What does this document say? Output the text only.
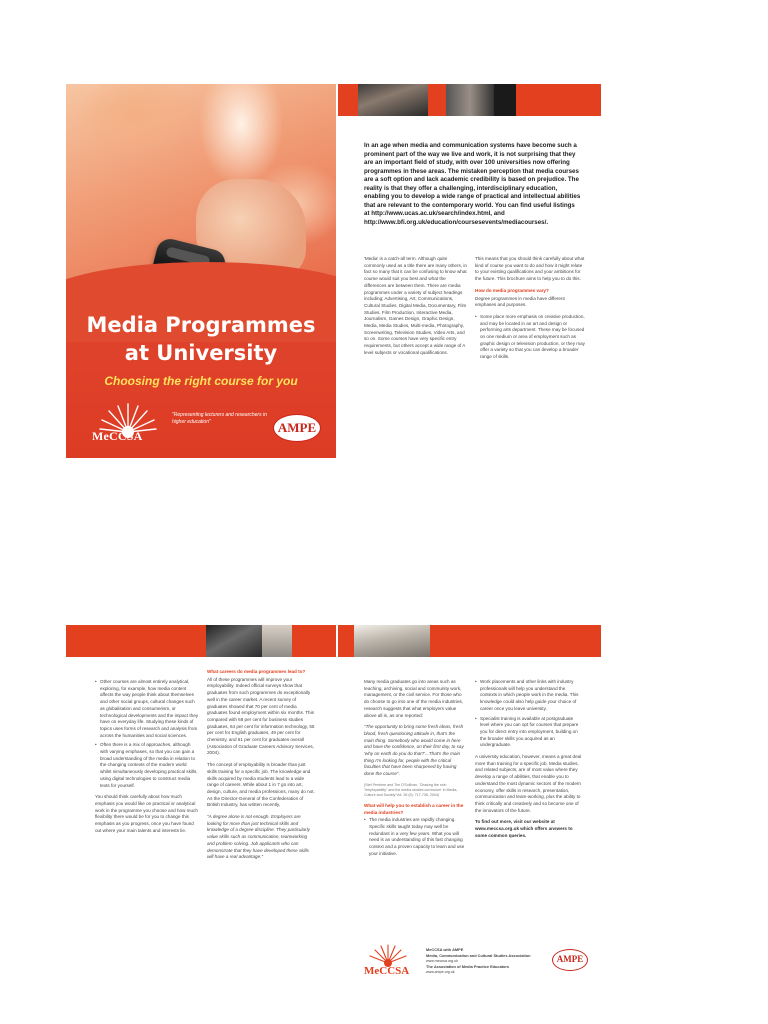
Media Programmes
at University
Choosing the right course for you
MeCCSA
"Representing lecturers and researchers in higher education"	AMPE

In an age when media and communication systems have become such a prominent part of the way we live and work, it is not surprising that they are an important field of study, with over 100 universities now offering programmes in these areas. The mistaken perception that media courses are a soft option and lack academic credibility is based on prejudice. The reality is that they offer a challenging, interdisciplinary education, enabling you to develop a wide range of practical and intellectual abilities that are relevant to the contemporary world. You can find useful listings at http://www.ucas.ac.uk/search/index.html, and http://www.bfi.org.uk/education/coursesevents/mediacourses/.

'Media' is a catch-all term. Although quite commonly used as a title there are many others, in fact so many that it can be confusing to know what course would suit you best and what the differences are between them. There are media programmes under a variety of subject headings including; Advertising, Art, Communications, Cultural Studies, Digital Media, Documentary, Film Studies, Film Production, Interactive Media, Journalism, Games Design, Graphic Design, Media, Media Studies, Multi-media, Photography, Screenwriting, Television Studies, Video Arts, and so on. Some courses have very specific entry requirements, but others accept a wide range of A level subjects or vocational qualifications.

This means that you should think carefully about what kind of course you want to do and how it might relate to your existing qualifications and your ambitions for the future. This brochure aims to help you to do this.

How do media programmes vary?

Degree programmes in media have different emphases and purposes.

• Some place more emphasis on creative production, and may be located in an art and design or performing arts department. These may be focused on one medium or area of employment such as graphic design or television production, or they may offer a variety so that you can develop a broader range of skills.
• Other courses are almost entirely analytical, exploring, for example, how media content affects the way people think about themselves and other social groups, cultural changes such as globalisation and consumerism, or technological developments and the impact they have on everyday life. Studying these kinds of topics uses forms of research and analysis from across the humanities and social sciences.
• Often there is a mix of approaches, although with varying emphases, so that you can gain a broad understanding of the media in relation to the changing contexts of the modern world whilst simultaneously developing practical skills, using digital technologies to construct media texts for yourself.

You should think carefully about how much emphasis you would like on practical or analytical work in the programme you choose and how much flexibility there would be for you to change this emphasis as you progress, once you have found out where your main talents and interests lie.

What careers do media programmes lead to?

All of these programmes will improve your employability. Indeed official surveys show that graduates from such programmes do exceptionally well in the career market. A recent survey of graduates showed that 70 per cent of media graduates found employment within six months. This compared with 68 per cent for business studies graduates, 64 per cent for information technology, 55 per cent for English graduates, 49 per cent for chemistry, and 61 per cent for graduates overall (Association of Graduate Careers Advisory Services, 2004).

The concept of employability is broader than just skills training for a specific job. The knowledge and skills acquired by media students lead to a wide range of careers. While about 1 in 7 go into art, design, culture, and media professions, many do not. As the Director-General of the Confederation of British Industry, has written recently,

"A degree alone is not enough. Employers are looking for more than just technical skills and knowledge of a degree discipline. They particularly value skills such as communication, teamworking and problem solving. Job applicants who can demonstrate that they have developed these skills will have a real advantage."

Many media graduates go into areas such as teaching, archiving, social and community work, management, or the civil service. For those who do choose to go into one of the media industries, research suggests that what employers value above all is, as one reported:

"The opportunity to bring some fresh ideas, fresh blood, fresh questioning attitude in, that's the main thing. Somebody who would come in here and have the confidence, on their first day, to say 'why on earth do you do that?'...That's the main thing I'm looking for, people with the critical faculties that have been sharpened by having done the course".

(Stef Penhere and Tim O'Sullivan, 'Chasing the role: "employability" and the media studies curriculum' in Media, Culture and Society Vol. 26 (5): 717-736, 2004)

What will help you to establish a career in the media industries?
• The media industries are rapidly changing. Specific skills taught today may well be redundant in a very few years. What you will need is an understanding of this fast changing context and a proven capacity to learn and use your initiative.
• Work placements and other links with industry professionals will help you understand the contexts in which people work in the media. This knowledge could also help guide your choice of career once you leave university.
• Specialist training is available at postgraduate level where you can opt for courses that prepare you for direct entry into employment, building on the broader skills you acquired as an undergraduate.

A university education, however, means a great deal more than training for a specific job. Media studies, and related subjects, are of most value where they develop a range of abilities, that enable you to understand the most dynamic sectors of the modern economy, offer skills in research, presentation, communication and team-working, plus the ability to think critically and creatively and so become one of the innovators of the future.

To find out more, visit our website at www.meccsa.org.uk which offers answers to some common queries.

MeCCSA
MeCCSA with AMPE
Media, Communication and Cultural Studies Association
www.meccsa.org.uk
The Association of Media Practice Educators
www.ampe.org.uk
AMPE
